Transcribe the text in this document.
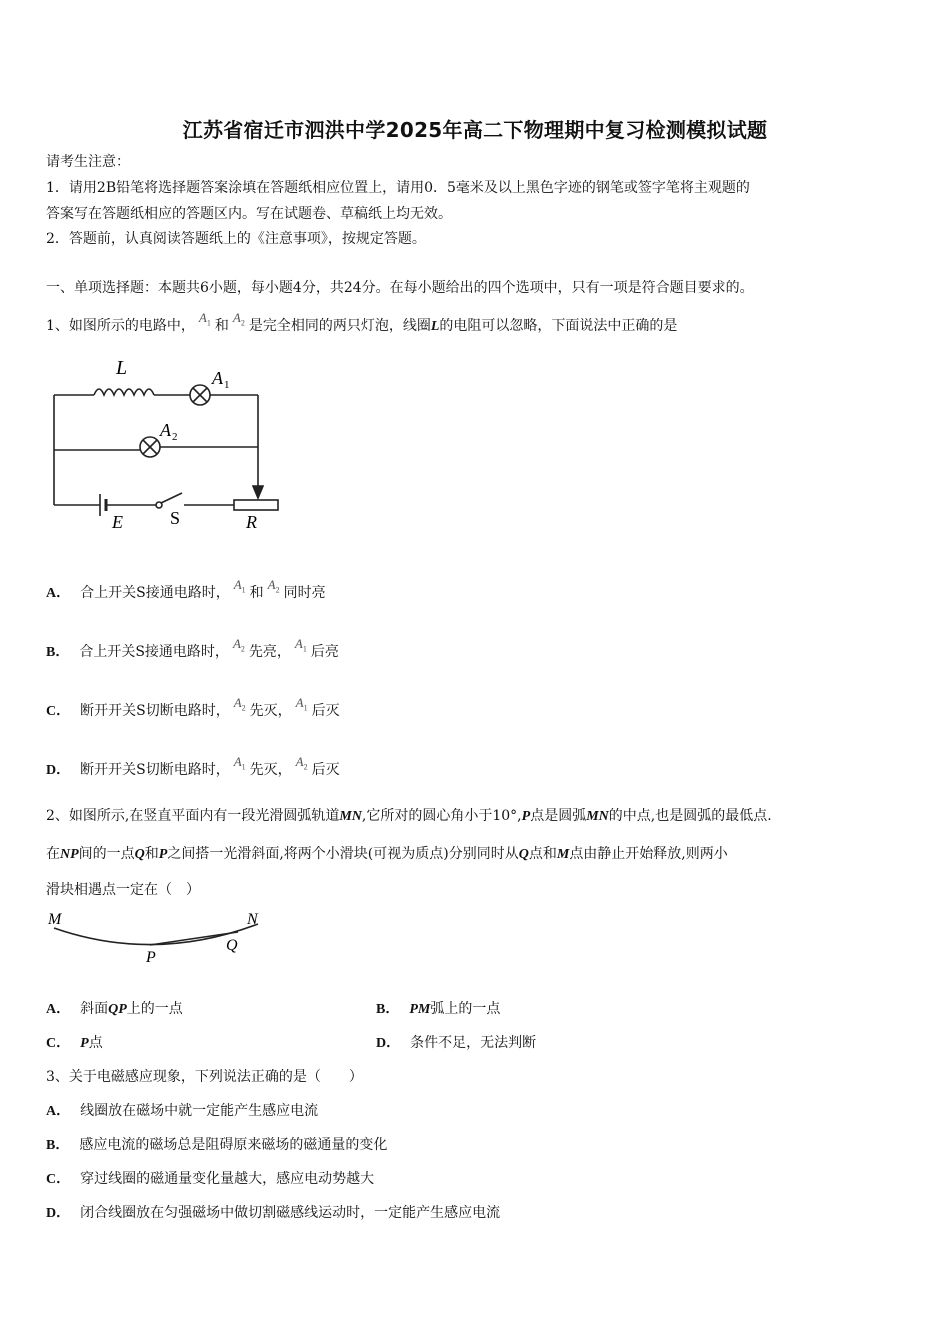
江苏省宿迁市泗洪中学2025年高二下物理期中复习检测模拟试题
请考生注意：
1．请用2B铅笔将选择题答案涂填在答题纸相应位置上，请用0．5毫米及以上黑色字迹的钢笔或签字笔将主观题的
答案写在答题纸相应的答题区内。写在试题卷、草稿纸上均无效。
2．答题前，认真阅读答题纸上的《注意事项》，按规定答题。
一、单项选择题：本题共6小题，每小题4分，共24分。在每小题给出的四个选项中，只有一项是符合题目要求的。
1、如图所示的电路中，$A_1$ 和$A_2$ 是完全相同的两只灯泡，线圈L的电阻可以忽略，下面说法中正确的是
L	A 1
A 2
E	S	R
A． 合上开关S接通电路时，$A_1$ 和$A_2$ 同时亮
B． 合上开关S接通电路时，$A_2$ 先亮，$A_1$ 后亮
C． 断开开关S切断电路时，$A_2$ 先灭，$A_1$ 后灭
D． 断开开关S切断电路时，$A_1$ 先灭，$A_2$ 后灭
2、如图所示,在竖直平面内有一段光滑圆弧轨道MN,它所对的圆心角小于10°,P点是圆弧MN的中点,也是圆弧的最低点.
在NP间的一点Q和P之间搭一光滑斜面,将两个小滑块(可视为质点)分别同时从Q点和M点由静止开始释放,则两小
滑块相遇点一定在（　）
M	N
P
Q
A． 斜面QP上的一点	B． PM弧上的一点
C． P点	D． 条件不足，无法判断
3、关于电磁感应现象，下列说法正确的是（　　）
A． 线圈放在磁场中就一定能产生感应电流
B． 感应电流的磁场总是阻碍原来磁场的磁通量的变化
C． 穿过线圈的磁通量变化量越大，感应电动势越大
D． 闭合线圈放在匀强磁场中做切割磁感线运动时，一定能产生感应电流
